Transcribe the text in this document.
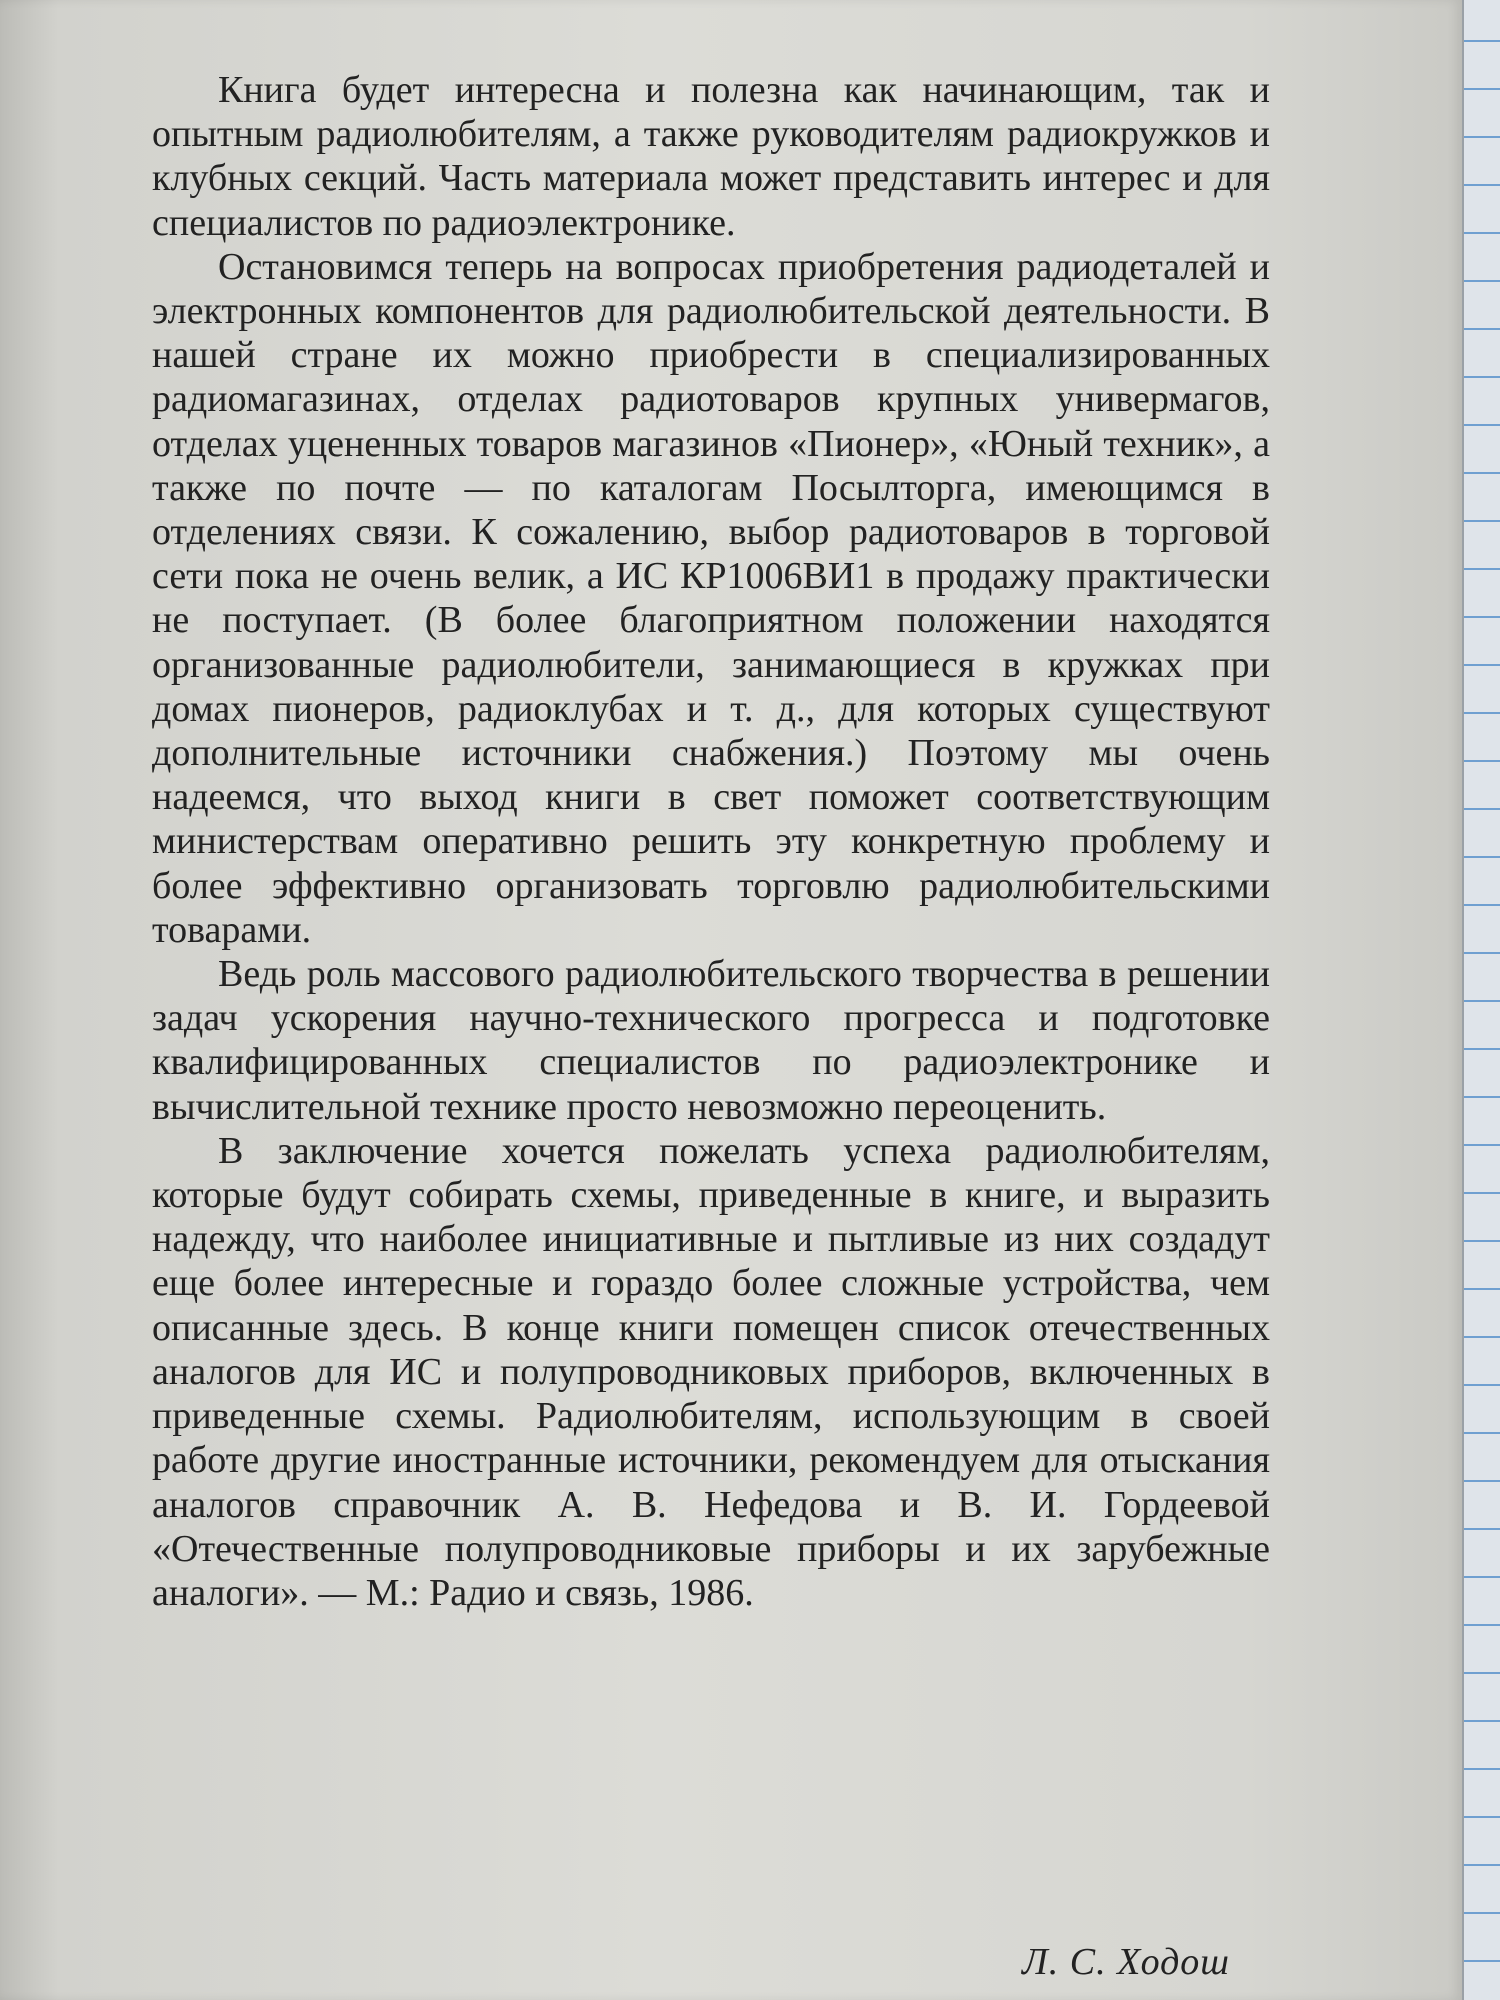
Книга будет интересна и полезна как начинающим, так и опытным радиолюбителям, а также руководителям радиокружков и клубных секций. Часть материала может представить интерес и для специалистов по радиоэлектронике.

Остановимся теперь на вопросах приобретения радиодеталей и электронных компонентов для радиолюбительской деятельности. В нашей стране их можно приобрести в специализированных радиомагазинах, отделах радиотоваров крупных универмагов, отделах уцененных товаров магазинов «Пионер», «Юный техник», а также по почте — по каталогам Посылторга, имеющимся в отделениях связи. К сожалению, выбор радиотоваров в торговой сети пока не очень велик, а ИС КР1006ВИ1 в продажу практически не поступает. (В более благоприятном положении находятся организованные радиолюбители, занимающиеся в кружках при домах пионеров, радиоклубах и т. д., для которых существуют дополнительные источники снабжения.) Поэтому мы очень надеемся, что выход книги в свет поможет соответствующим министерствам оперативно решить эту конкретную проблему и более эффективно организовать торговлю радиолюбительскими товарами.

Ведь роль массового радиолюбительского творчества в решении задач ускорения научно-технического прогресса и подготовке квалифицированных специалистов по радиоэлектронике и вычислительной технике просто невозможно переоценить.

В заключение хочется пожелать успеха радиолюбителям, которые будут собирать схемы, приведенные в книге, и выразить надежду, что наиболее инициативные и пытливые из них создадут еще более интересные и гораздо более сложные устройства, чем описанные здесь. В конце книги помещен список отечественных аналогов для ИС и полупроводниковых приборов, включенных в приведенные схемы. Радиолюбителям, использующим в своей работе другие иностранные источники, рекомендуем для отыскания аналогов справочник А. В. Нефедова и В. И. Гордеевой «Отечественные полупроводниковые приборы и их зарубежные аналоги». — М.: Радио и связь, 1986.

Л. С. Ходош
